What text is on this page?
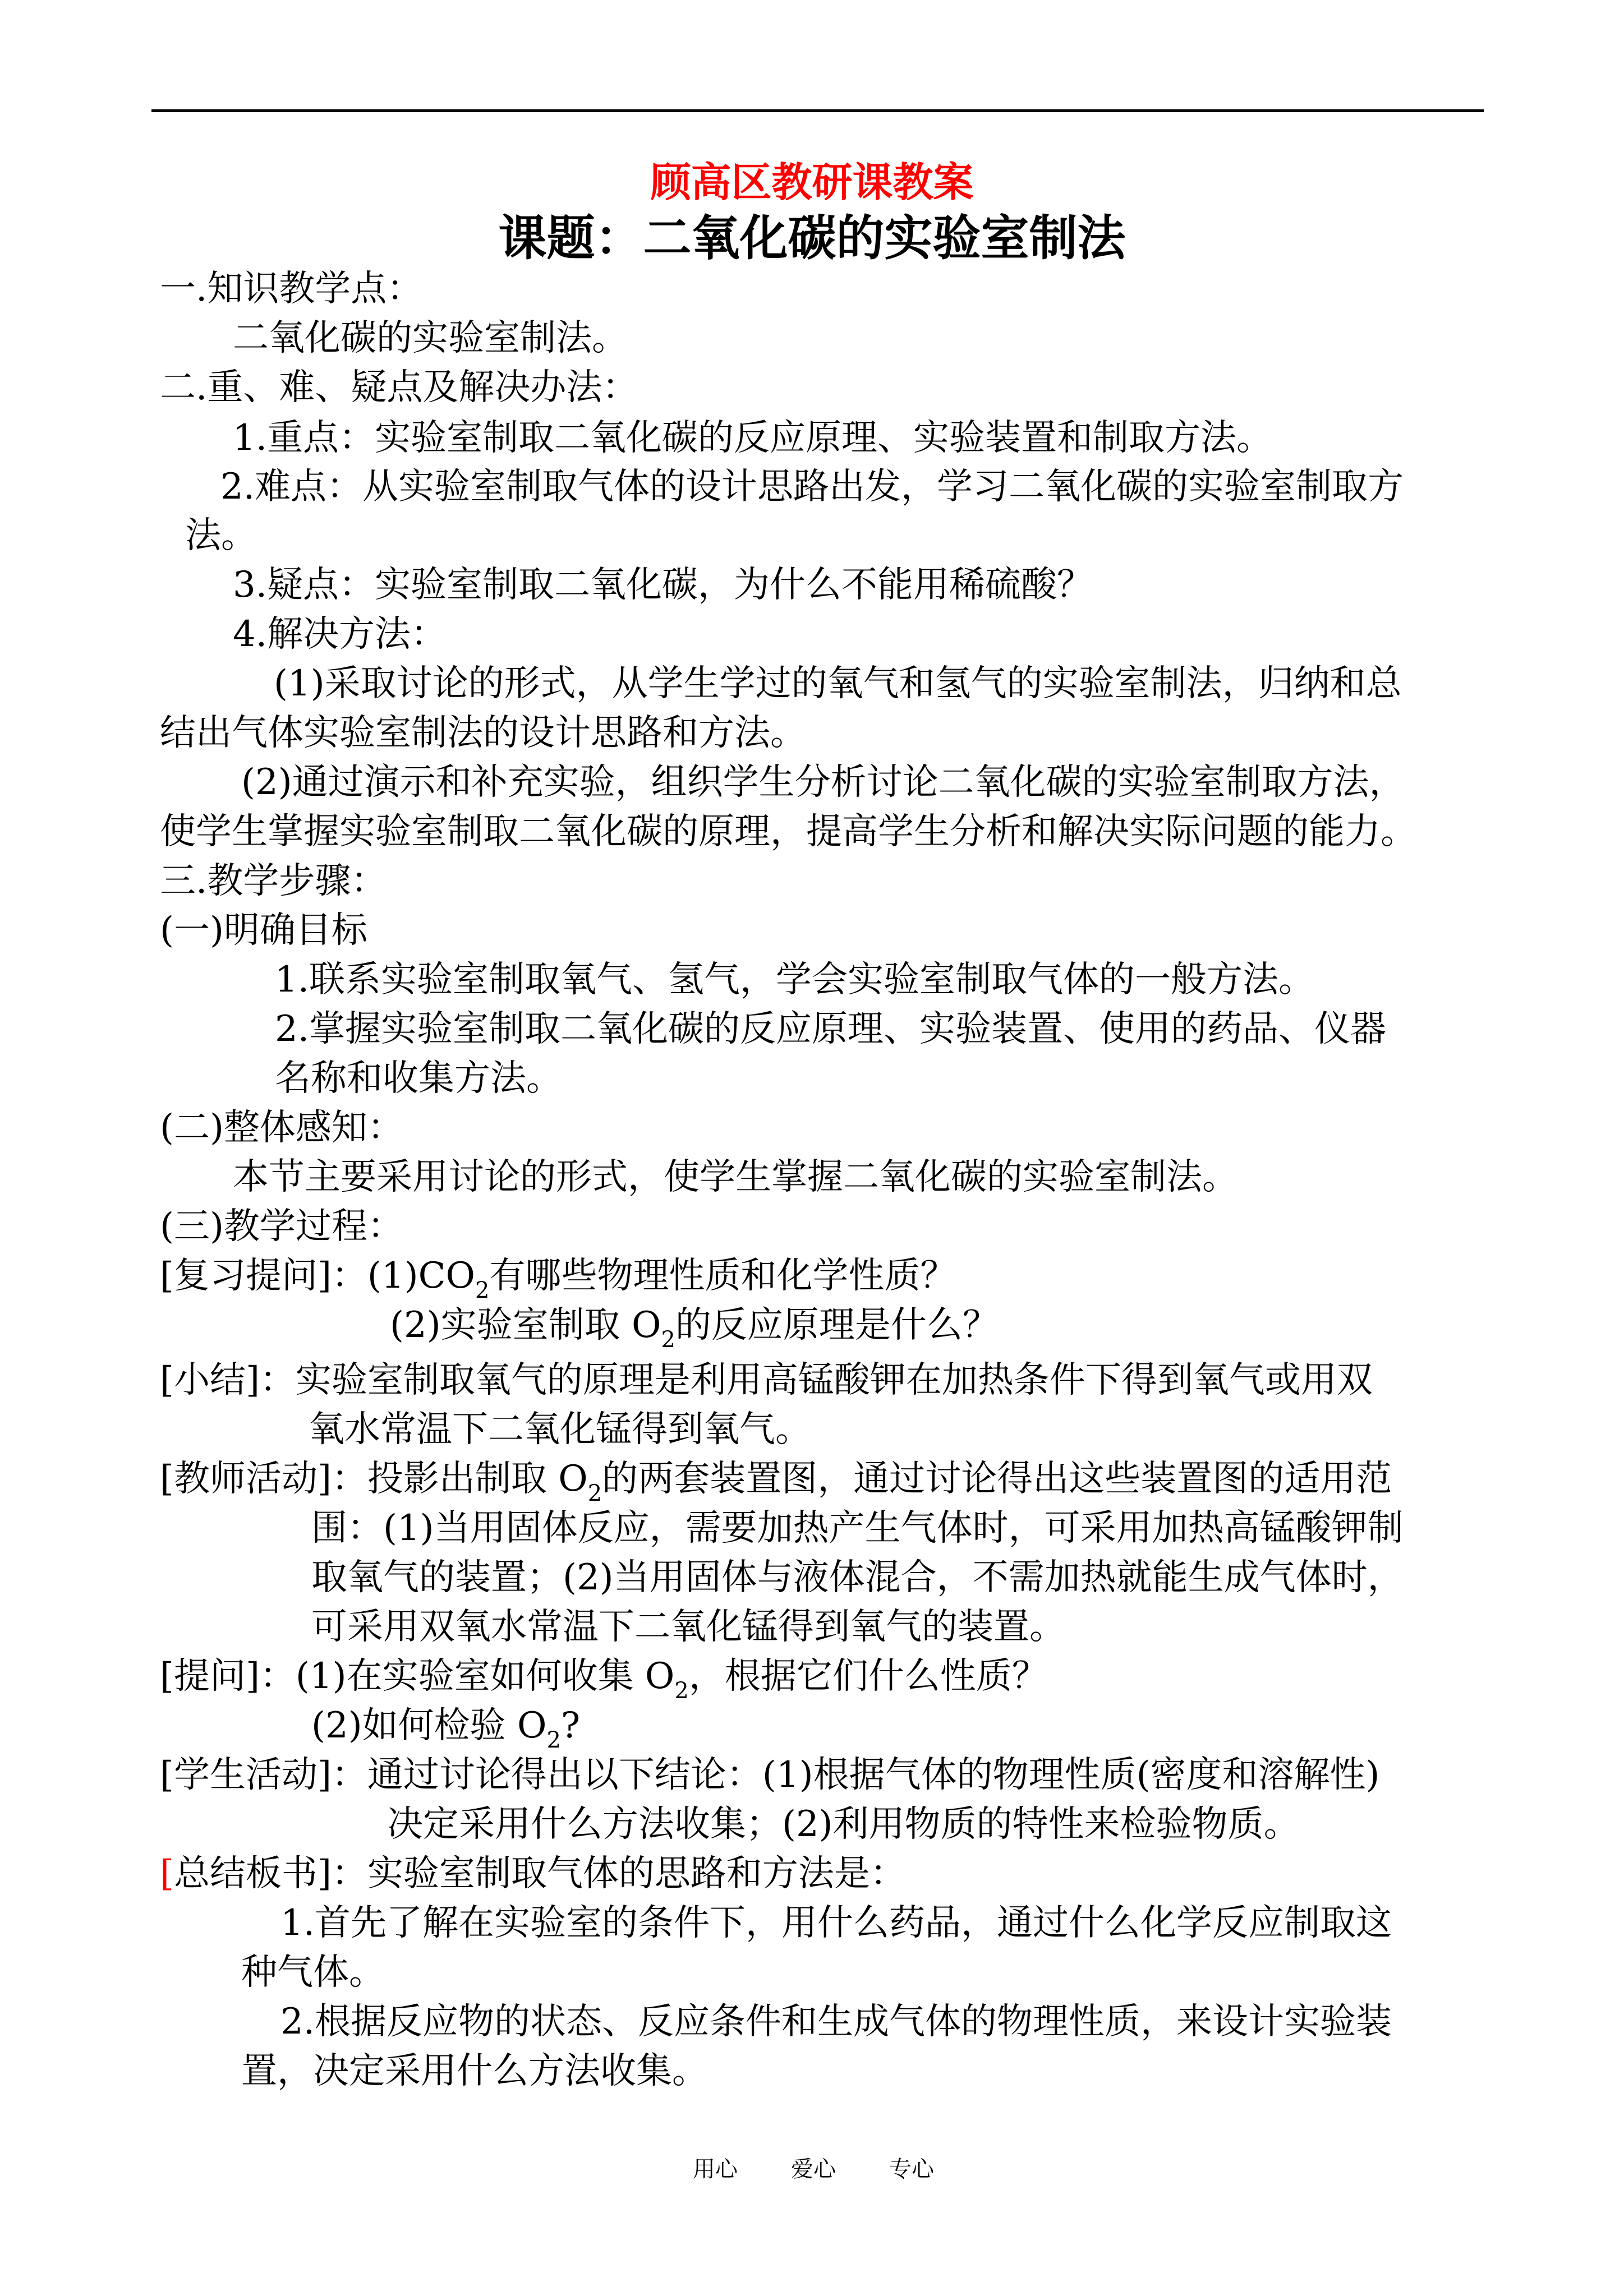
顾高区教研课教案
课题：二氧化碳的实验室制法
一.知识教学点：
二氧化碳的实验室制法。
二.重、难、疑点及解决办法：
1.重点：实验室制取二氧化碳的反应原理、实验装置和制取方法。
2.难点：从实验室制取气体的设计思路出发，学习二氧化碳的实验室制取方
法。
3.疑点：实验室制取二氧化碳，为什么不能用稀硫酸？
4.解决方法：
(1)采取讨论的形式，从学生学过的氧气和氢气的实验室制法，归纳和总
结出气体实验室制法的设计思路和方法。
(2)通过演示和补充实验，组织学生分析讨论二氧化碳的实验室制取方法，
使学生掌握实验室制取二氧化碳的原理，提高学生分析和解决实际问题的能力。
三.教学步骤：
(一)明确目标
1.联系实验室制取氧气、氢气，学会实验室制取气体的一般方法。
2.掌握实验室制取二氧化碳的反应原理、实验装置、使用的药品、仪器
名称和收集方法。
(二)整体感知：
本节主要采用讨论的形式，使学生掌握二氧化碳的实验室制法。
(三)教学过程：
[复习提问]：$(1)CO_2$有哪些物理性质和化学性质？
(2)实验室制取 $O_2$的反应原理是什么？
[小结]：实验室制取氧气的原理是利用高锰酸钾在加热条件下得到氧气或用双
氧水常温下二氧化锰得到氧气。
[教师活动]：投影出制取 $O_2$的两套装置图，通过讨论得出这些装置图的适用范
围：(1)当用固体反应，需要加热产生气体时，可采用加热高锰酸钾制
取氧气的装置；(2)当用固体与液体混合，不需加热就能生成气体时，
可采用双氧水常温下二氧化锰得到氧气的装置。
[提问]：(1)在实验室如何收集 $O_2$，根据它们什么性质？
(2)如何检验 $O_2$?
[学生活动]：通过讨论得出以下结论：(1)根据气体的物理性质(密度和溶解性)
决定采用什么方法收集；(2)利用物质的特性来检验物质。
[总结板书]：实验室制取气体的思路和方法是：
1.首先了解在实验室的条件下，用什么药品，通过什么化学反应制取这
种气体。
2.根据反应物的状态、反应条件和生成气体的物理性质，来设计实验装
置，决定采用什么方法收集。
用心 爱心 专心
